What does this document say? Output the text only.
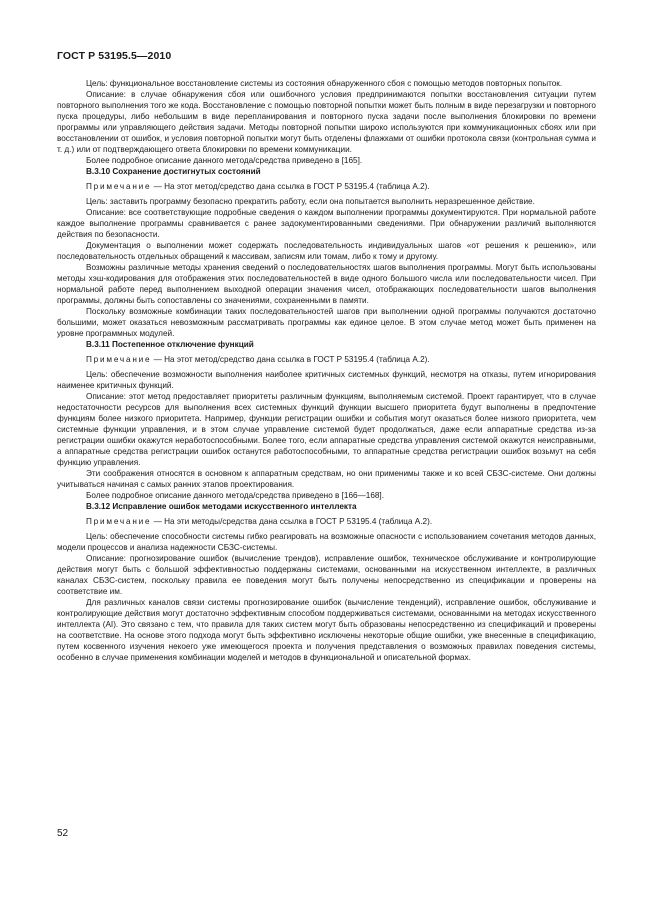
ГОСТ Р 53195.5—2010

Цель: функциональное восстановление системы из состояния обнаруженного сбоя с помощью методов повторных попыток.

Описание: в случае обнаружения сбоя или ошибочного условия предпринимаются попытки восстановления ситуации путем повторного выполнения того же кода. Восстановление с помощью повторной попытки может быть полным в виде перезагрузки и повторного пуска процедуры, либо небольшим в виде перепланирования и повторного пуска задачи после выполнения блокировки по времени программы или управляющего действия задачи. Методы повторной попытки широко используются при коммуникационных сбоях или при восстановлении от ошибок, и условия повторной попытки могут быть отделены флажками от ошибки протокола связи (контрольная сумма и т. д.) или от подтверждающего ответа блокировки по времени коммуникации.

Более подробное описание данного метода/средства приведено в [165].

B.3.10 Сохранение достигнутых состояний

Примечание — На этот метод/средство дана ссылка в ГОСТ Р 53195.4 (таблица А.2).

Цель: заставить программу безопасно прекратить работу, если она попытается выполнить неразрешенное действие.

Описание: все соответствующие подробные сведения о каждом выполнении программы документируются. При нормальной работе каждое выполнение программы сравнивается с ранее задокументированными сведениями. При обнаружении различий выполняются действия по безопасности.

Документация о выполнении может содержать последовательность индивидуальных шагов «от решения к решению», или последовательность отдельных обращений к массивам, записям или томам, либо к тому и другому.

Возможны различные методы хранения сведений о последовательностях шагов выполнения программы. Могут быть использованы методы хэш-кодирования для отображения этих последовательностей в виде одного большого числа или последовательности чисел. При нормальной работе перед выполнением выходной операции значения чисел, отображающих последовательности шагов выполнения программы, должны быть сопоставлены со значениями, сохраненными в памяти.

Поскольку возможные комбинации таких последовательностей шагов при выполнении одной программы получаются достаточно большими, может оказаться невозможным рассматривать программы как единое целое. В этом случае метод может быть применен на уровне программных модулей.

B.3.11 Постепенное отключение функций

Примечание — На этот метод/средство дана ссылка в ГОСТ Р 53195.4 (таблица А.2).

Цель: обеспечение возможности выполнения наиболее критичных системных функций, несмотря на отказы, путем игнорирования наименее критичных функций.

Описание: этот метод предоставляет приоритеты различным функциям, выполняемым системой. Проект гарантирует, что в случае недостаточности ресурсов для выполнения всех системных функций функции высшего приоритета будут выполнены в предпочтение функциям более низкого приоритета. Например, функции регистрации ошибки и события могут оказаться более низкого приоритета, чем системные функции управления, и в этом случае управление системой будет продолжаться, даже если аппаратные средства из-за регистрации ошибки окажутся неработоспособными. Более того, если аппаратные средства управления системой окажутся неисправными, а аппаратные средства регистрации ошибок останутся работоспособными, то аппаратные средства регистрации ошибок возьмут на себя функцию управления.

Эти соображения относятся в основном к аппаратным средствам, но они применимы также и ко всей СБЗС-системе. Они должны учитываться начиная с самых ранних этапов проектирования.

Более подробное описание данного метода/средства приведено в [166—168].

B.3.12 Исправление ошибок методами искусственного интеллекта

Примечание — На эти методы/средства дана ссылка в ГОСТ Р 53195.4 (таблица А.2).

Цель: обеспечение способности системы гибко реагировать на возможные опасности с использованием сочетания методов данных, модели процессов и анализа надежности СБЗС-системы.

Описание: прогнозирование ошибок (вычисление трендов), исправление ошибок, техническое обслуживание и контролирующие действия могут быть с большой эффективностью поддержаны системами, основанными на искусственном интеллекте, в различных каналах СБЗС-систем, поскольку правила ее поведения могут быть получены непосредственно из спецификации и проверены на соответствие им.

Для различных каналов связи системы прогнозирование ошибок (вычисление тенденций), исправление ошибок, обслуживание и контролирующие действия могут достаточно эффективным способом поддерживаться системами, основанными на методах искусственного интеллекта (AI). Это связано с тем, что правила для таких систем могут быть образованы непосредственно из спецификаций и проверены на соответствие. На основе этого подхода могут быть эффективно исключены некоторые общие ошибки, уже внесенные в спецификацию, путем косвенного изучения некоего уже имеющегося проекта и получения представления о возможных правилах поведения системы, особенно в случае применения комбинации моделей и методов в функциональной и описательной формах.

52
